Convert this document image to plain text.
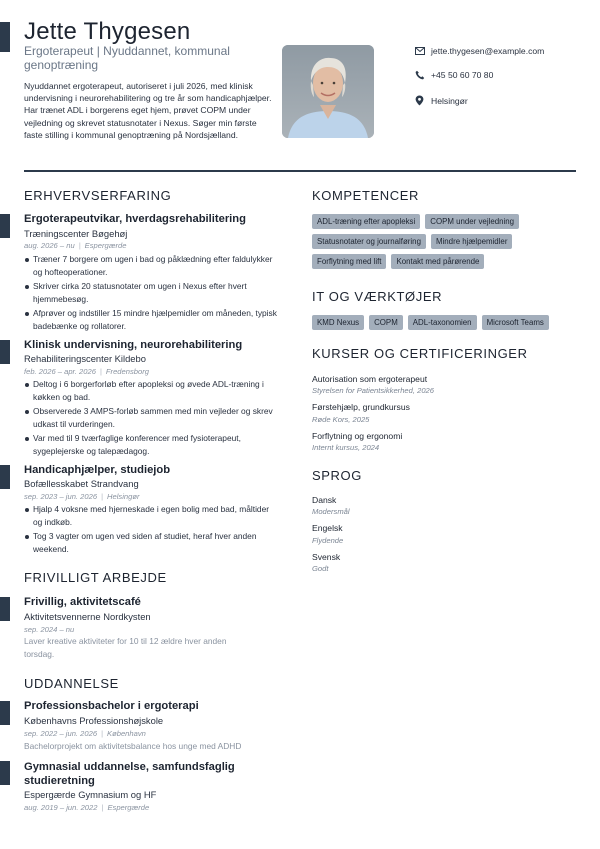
Jette Thygesen
Ergoterapeut | Nyuddannet, kommunal genoptræning
Nyuddannet ergoterapeut, autoriseret i juli 2026, med klinisk undervisning i neurorehabilitering og tre år som handicaphjælper. Har trænet ADL i borgerens eget hjem, prøvet COPM under vejledning og skrevet statusnotater i Nexus. Søger min første faste stilling i kommunal genoptræning på Nordsjælland.
jette.thygesen@example.com
+45 50 60 70 80
Helsingør
ERHVERVSERFARING
Ergoterapeutvikar, hverdagsrehabilitering
Træningscenter Bøgehøj
aug. 2026 – nu | Espergærde
Træner 7 borgere om ugen i bad og påklædning efter faldulykker og hofteoperationer.
Skriver cirka 20 statusnotater om ugen i Nexus efter hvert hjemmebesøg.
Afprøver og indstiller 15 mindre hjælpemidler om måneden, typisk badebænke og rollatorer.
Klinisk undervisning, neurorehabilitering
Rehabiliteringscenter Kildebo
feb. 2026 – apr. 2026 | Fredensborg
Deltog i 6 borgerforløb efter apopleksi og øvede ADL-træning i køkken og bad.
Observerede 3 AMPS-forløb sammen med min vejleder og skrev udkast til vurderingen.
Var med til 9 tværfaglige konferencer med fysioterapeut, sygeplejerske og talepædagog.
Handicaphjælper, studiejob
Bofællesskabet Strandvang
sep. 2023 – jun. 2026 | Helsingør
Hjalp 4 voksne med hjerneskade i egen bolig med bad, måltider og indkøb.
Tog 3 vagter om ugen ved siden af studiet, heraf hver anden weekend.
FRIVILLIGT ARBEJDE
Frivillig, aktivitetscafé
Aktivitetsvennerne Nordkysten
sep. 2024 – nu
Laver kreative aktiviteter for 10 til 12 ældre hver anden torsdag.
UDDANNELSE
Professionsbachelor i ergoterapi
Københavns Professionshøjskole
sep. 2022 – jun. 2026 | København
Bachelorprojekt om aktivitetsbalance hos unge med ADHD
Gymnasial uddannelse, samfundsfaglig studieretning
Espergærde Gymnasium og HF
aug. 2019 – jun. 2022 | Espergærde
KOMPETENCER
ADL-træning efter apopleksi	COPM under vejledning
Statusnotater og journalføring	Mindre hjælpemidler
Forflytning med lift	Kontakt med pårørende
IT OG VÆRKTØJER
KMD Nexus	COPM	ADL-taxonomien	Microsoft Teams
KURSER OG CERTIFICERINGER
Autorisation som ergoterapeut
Styrelsen for Patientsikkerhed, 2026
Førstehjælp, grundkursus
Røde Kors, 2025
Forflytning og ergonomi
Internt kursus, 2024
SPROG
Dansk
Modersmål
Engelsk
Flydende
Svensk
Godt
